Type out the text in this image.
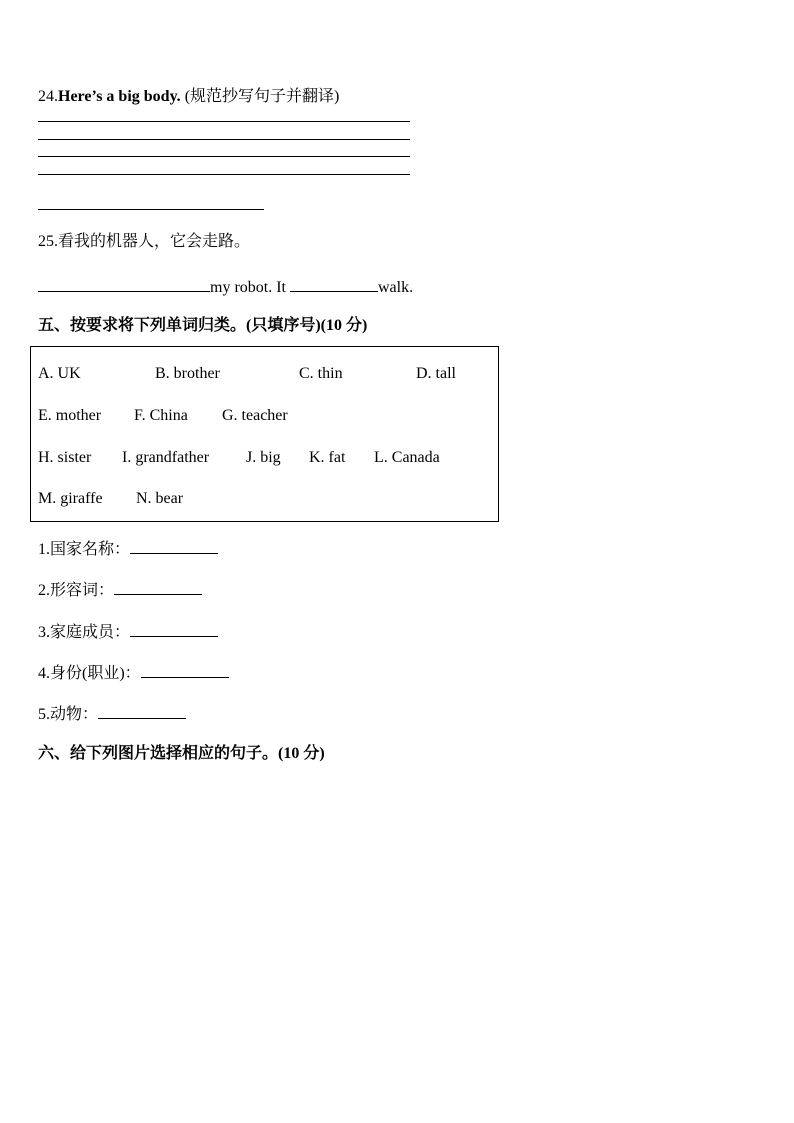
24.Here’s a big body. (规范抄写句子并翻译)
25.看我的机器人，它会走路。
my robot. It	walk.
五、按要求将下列单词归类。(只填序号)(10 分)
A. UK	B. brother	C. thin	D. tall
E. mother F. China G. teacher
H. sister I. grandfather J. big K. fat L. Canada
M. giraffe N. bear
1.国家名称：
2.形容词：
3.家庭成员：
4.身份(职业)：
5.动物：
六、给下列图片选择相应的句子。(10 分)
